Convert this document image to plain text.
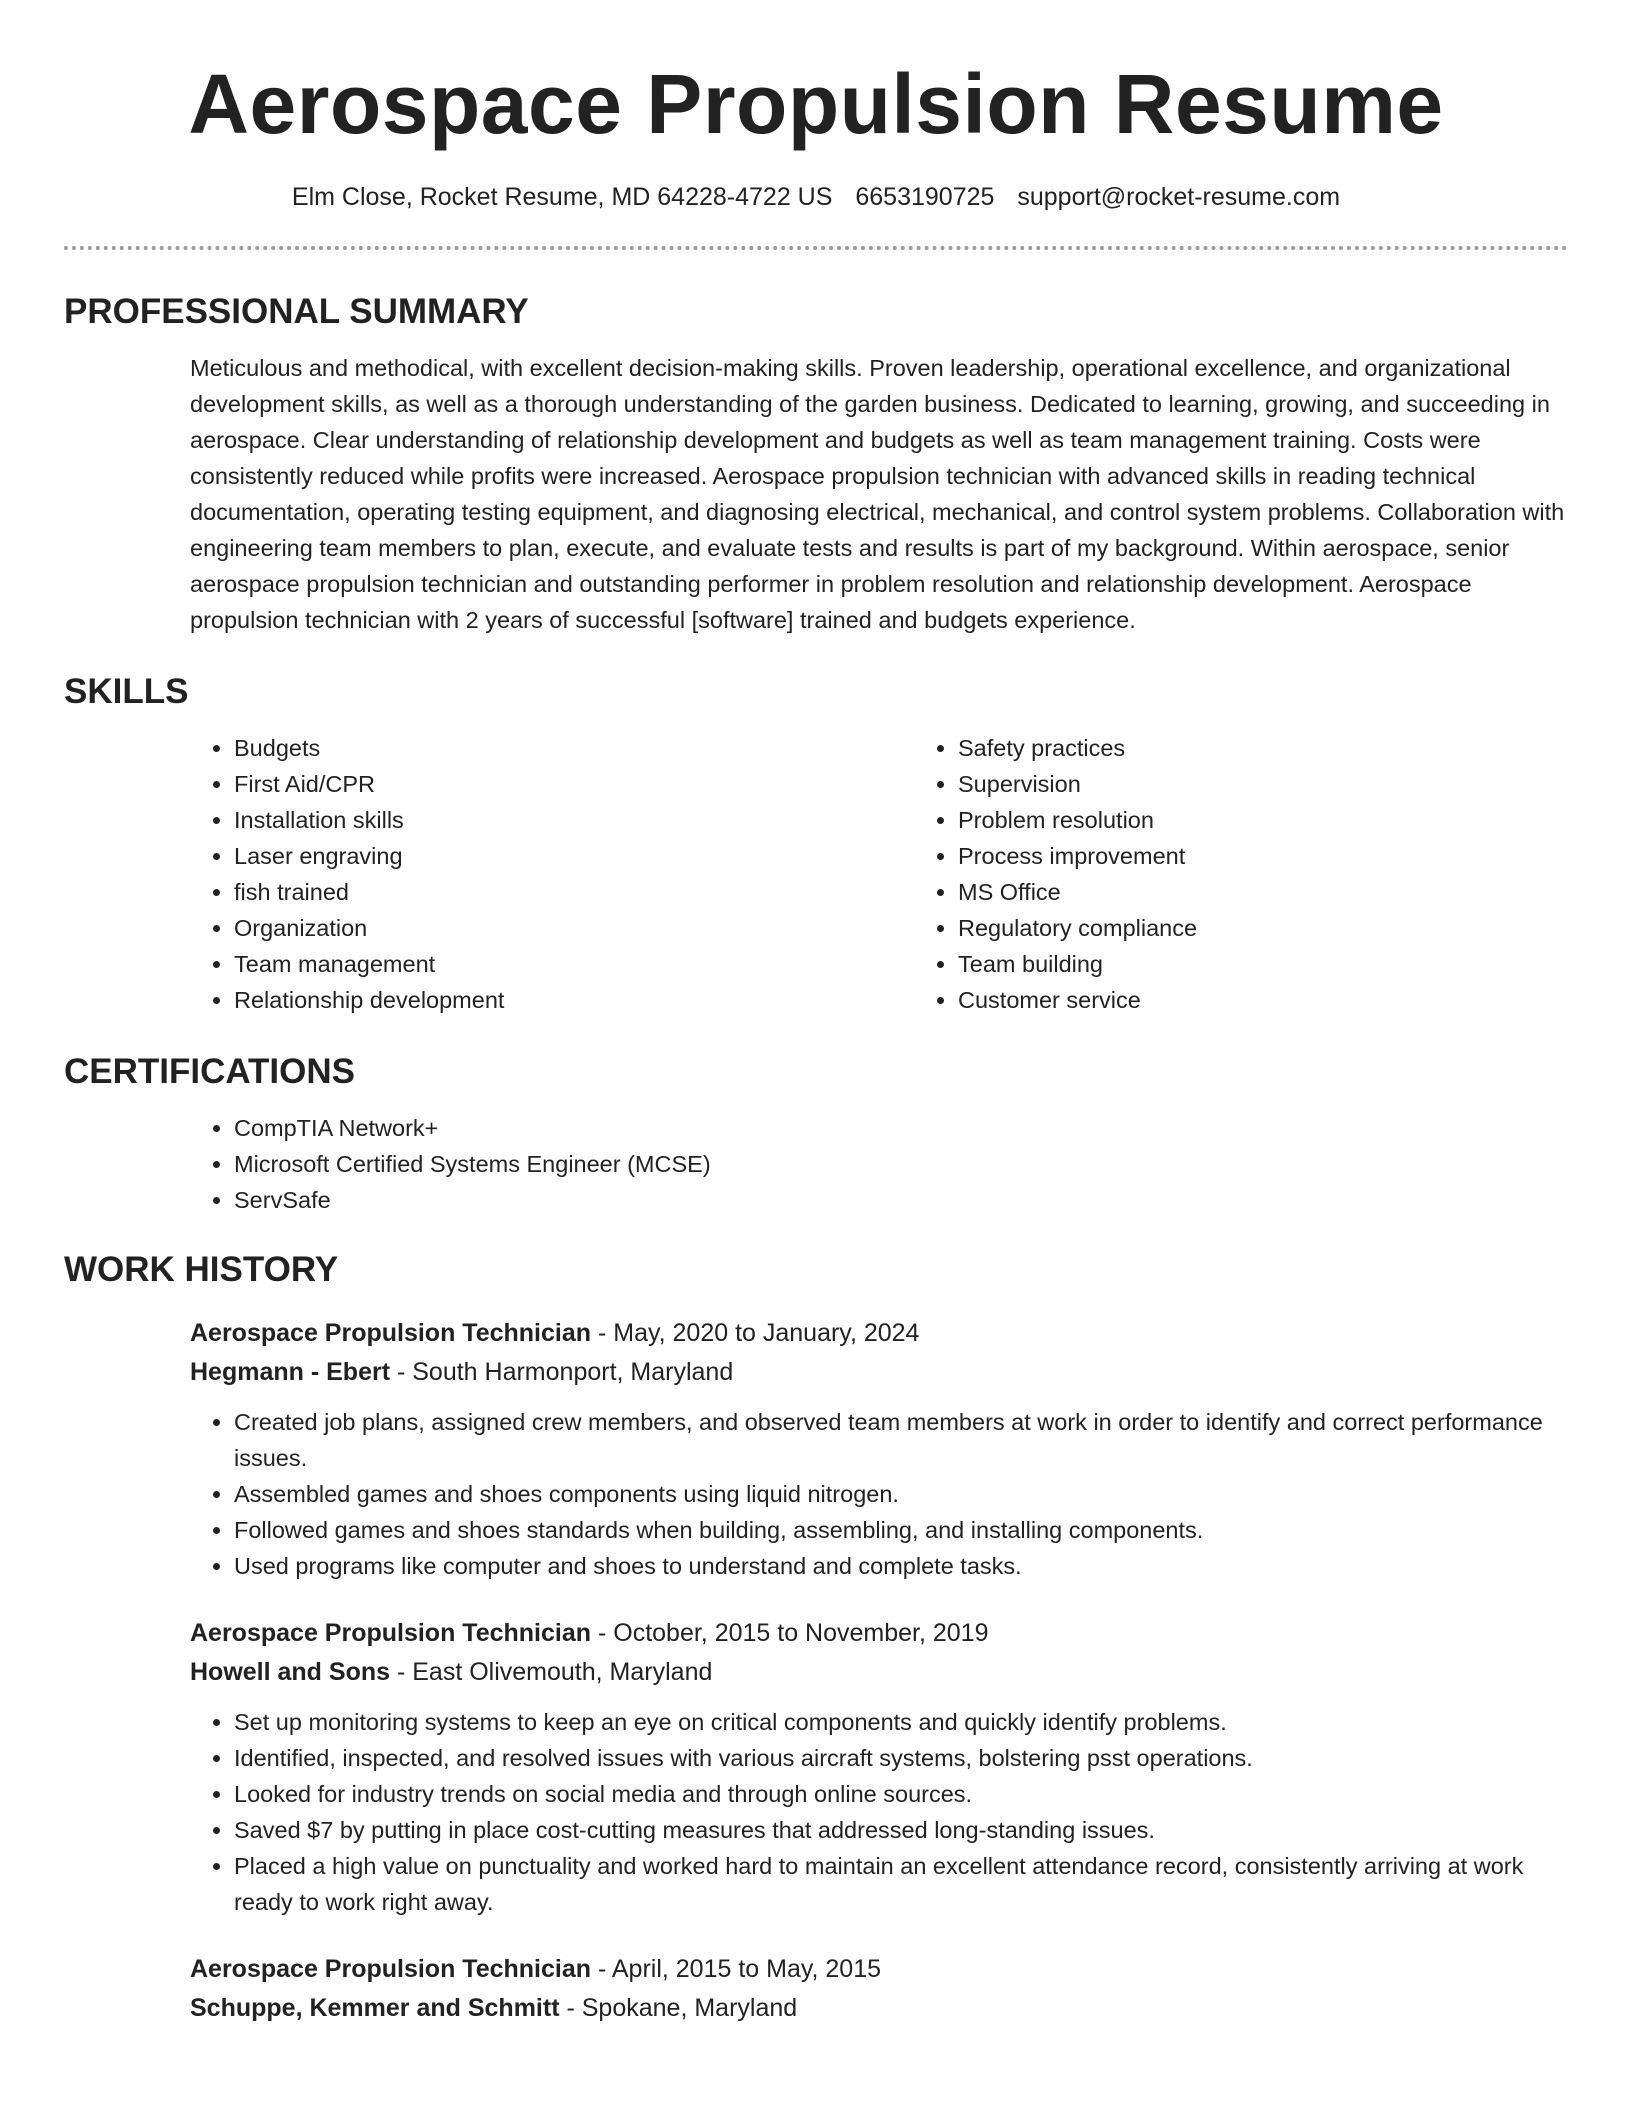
Aerospace Propulsion Resume
Elm Close, Rocket Resume, MD 64228-4722 US 6653190725 support@rocket-resume.com
PROFESSIONAL SUMMARY

Meticulous and methodical, with excellent decision-making skills. Proven leadership, operational excellence, and organizational development skills, as well as a thorough understanding of the garden business. Dedicated to learning, growing, and succeeding in aerospace. Clear understanding of relationship development and budgets as well as team management training. Costs were consistently reduced while profits were increased. Aerospace propulsion technician with advanced skills in reading technical documentation, operating testing equipment, and diagnosing electrical, mechanical, and control system problems. Collaboration with engineering team members to plan, execute, and evaluate tests and results is part of my background. Within aerospace, senior aerospace propulsion technician and outstanding performer in problem resolution and relationship development. Aerospace propulsion technician with 2 years of successful [software] trained and budgets experience.

SKILLS
• Budgets
• First Aid/CPR
• Installation skills
• Laser engraving
• fish trained
• Organization
• Team management
• Relationship development
• Safety practices
• Supervision
• Problem resolution
• Process improvement
• MS Office
• Regulatory compliance
• Team building
• Customer service
CERTIFICATIONS
• CompTIA Network+
• Microsoft Certified Systems Engineer (MCSE)
• ServSafe
WORK HISTORY
Aerospace Propulsion Technician - May, 2020 to January, 2024
Hegmann - Ebert - South Harmonport, Maryland
• Created job plans, assigned crew members, and observed team members at work in order to identify and correct performance issues.
• Assembled games and shoes components using liquid nitrogen.
• Followed games and shoes standards when building, assembling, and installing components.
• Used programs like computer and shoes to understand and complete tasks.
Aerospace Propulsion Technician - October, 2015 to November, 2019
Howell and Sons - East Olivemouth, Maryland
• Set up monitoring systems to keep an eye on critical components and quickly identify problems.
• Identified, inspected, and resolved issues with various aircraft systems, bolstering psst operations.
• Looked for industry trends on social media and through online sources.
• Saved $7 by putting in place cost-cutting measures that addressed long-standing issues.
• Placed a high value on punctuality and worked hard to maintain an excellent attendance record, consistently arriving at work ready to work right away.
Aerospace Propulsion Technician - April, 2015 to May, 2015
Schuppe, Kemmer and Schmitt - Spokane, Maryland
